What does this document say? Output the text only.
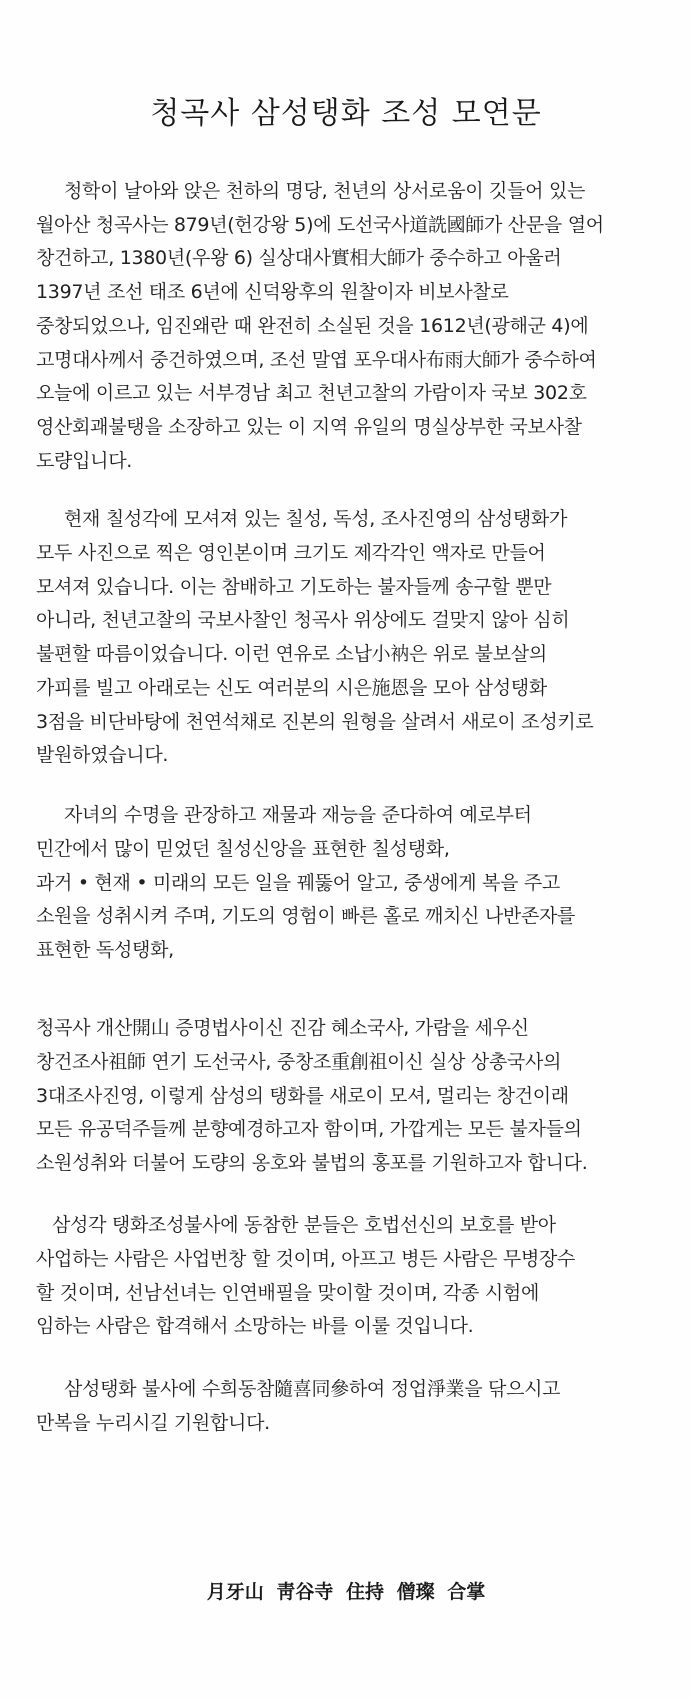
청곡사 삼성탱화 조성 모연문

청학이 날아와 앉은 천하의 명당, 천년의 상서로움이 깃들어 있는

월아산 청곡사는 879년(헌강왕 5)에 도선국사道詵國師가 산문을 열어

창건하고, 1380년(우왕 6) 실상대사實相大師가 중수하고 아울러

1397년 조선 태조 6년에 신덕왕후의 원찰이자 비보사찰로

중창되었으나, 임진왜란 때 완전히 소실된 것을 1612년(광해군 4)에

고명대사께서 중건하였으며, 조선 말엽 포우대사布雨大師가 중수하여

오늘에 이르고 있는 서부경남 최고 천년고찰의 가람이자 국보 302호

영산회괘불탱을 소장하고 있는 이 지역 유일의 명실상부한 국보사찰

도량입니다.

현재 칠성각에 모셔져 있는 칠성, 독성, 조사진영의 삼성탱화가

모두 사진으로 찍은 영인본이며 크기도 제각각인 액자로 만들어

모셔져 있습니다. 이는 참배하고 기도하는 불자들께 송구할 뿐만

아니라, 천년고찰의 국보사찰인 청곡사 위상에도 걸맞지 않아 심히

불편할 따름이었습니다. 이런 연유로 소납小衲은 위로 불보살의

가피를 빌고 아래로는 신도 여러분의 시은施恩을 모아 삼성탱화

3점을 비단바탕에 천연석채로 진본의 원형을 살려서 새로이 조성키로

발원하였습니다.

자녀의 수명을 관장하고 재물과 재능을 준다하여 예로부터

민간에서 많이 믿었던 칠성신앙을 표현한 칠성탱화,

과거 • 현재 • 미래의 모든 일을 꿰뚫어 알고, 중생에게 복을 주고

소원을 성취시켜 주며, 기도의 영험이 빠른 홀로 깨치신 나반존자를

표현한 독성탱화,

청곡사 개산開山 증명법사이신 진감 혜소국사, 가람을 세우신

창건조사祖師 연기 도선국사, 중창조重創祖이신 실상 상총국사의

3대조사진영, 이렇게 삼성의 탱화를 새로이 모셔, 멀리는 창건이래

모든 유공덕주들께 분향예경하고자 함이며, 가깝게는 모든 불자들의

소원성취와 더불어 도량의 옹호와 불법의 홍포를 기원하고자 합니다.

삼성각 탱화조성불사에 동참한 분들은 호법선신의 보호를 받아

사업하는 사람은 사업번창 할 것이며, 아프고 병든 사람은 무병장수

할 것이며, 선남선녀는 인연배필을 맞이할 것이며, 각종 시험에

임하는 사람은 합격해서 소망하는 바를 이룰 것입니다.

삼성탱화 불사에 수희동참隨喜同參하여 정업淨業을 닦으시고

만복을 누리시길 기원합니다.

月牙山 靑谷寺 住持 僧璨 合掌
